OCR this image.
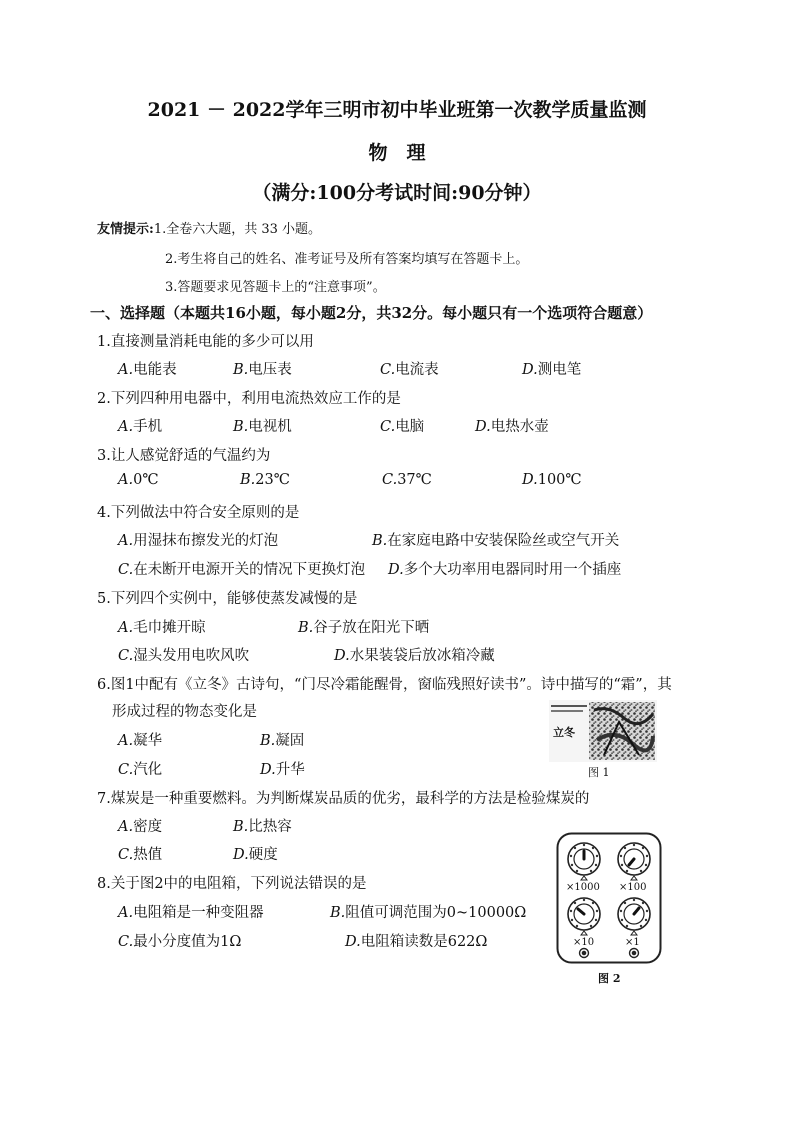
2021 － 2022学年三明市初中毕业班第一次教学质量监测
物　理
（满分:100分考试时间:90分钟）
友情提示:1.全卷六大题，共 33 小题。
2.考生将自己的姓名、准考证号及所有答案均填写在答题卡上。
3.答题要求见答题卡上的“注意事项”。
一、选择题（本题共16小题，每小题2分，共32分。每小题只有一个选项符合题意）
1.直接测量消耗电能的多少可以用
A.电能表	B.电压表	C.电流表	D.测电笔
2.下列四种用电器中，利用电流热效应工作的是
A.手机	B.电视机	C.电脑	D.电热水壶
3.让人感觉舒适的气温约为
A.0℃	B.23℃	C.37℃	D.100℃
4.下列做法中符合安全原则的是
A.用湿抹布擦发光的灯泡	B.在家庭电路中安装保险丝或空气开关
C.在未断开电源开关的情况下更换灯泡 D.多个大功率用电器同时用一个插座
5.下列四个实例中，能够使蒸发减慢的是
A.毛巾摊开晾	B.谷子放在阳光下晒
C.湿头发用电吹风吹	D.水果装袋后放冰箱冷藏
6.图1中配有《立冬》古诗句，“门尽冷霜能醒骨，窗临残照好读书”。诗中描写的“霜”，其
形成过程的物态变化是
A.凝华	B.凝固
C.汽化	D.升华
立冬
图 1
7.煤炭是一种重要燃料。为判断煤炭品质的优劣，最科学的方法是检验煤炭的
A.密度	B.比热容
C.热值	D.硬度
8.关于图2中的电阻箱，下列说法错误的是
A.电阻箱是一种变阻器	B.阻值可调范围为0~10000Ω
C.最小分度值为1Ω	D.电阻箱读数是622Ω
×1000 ×100
×10	×1
图 2
